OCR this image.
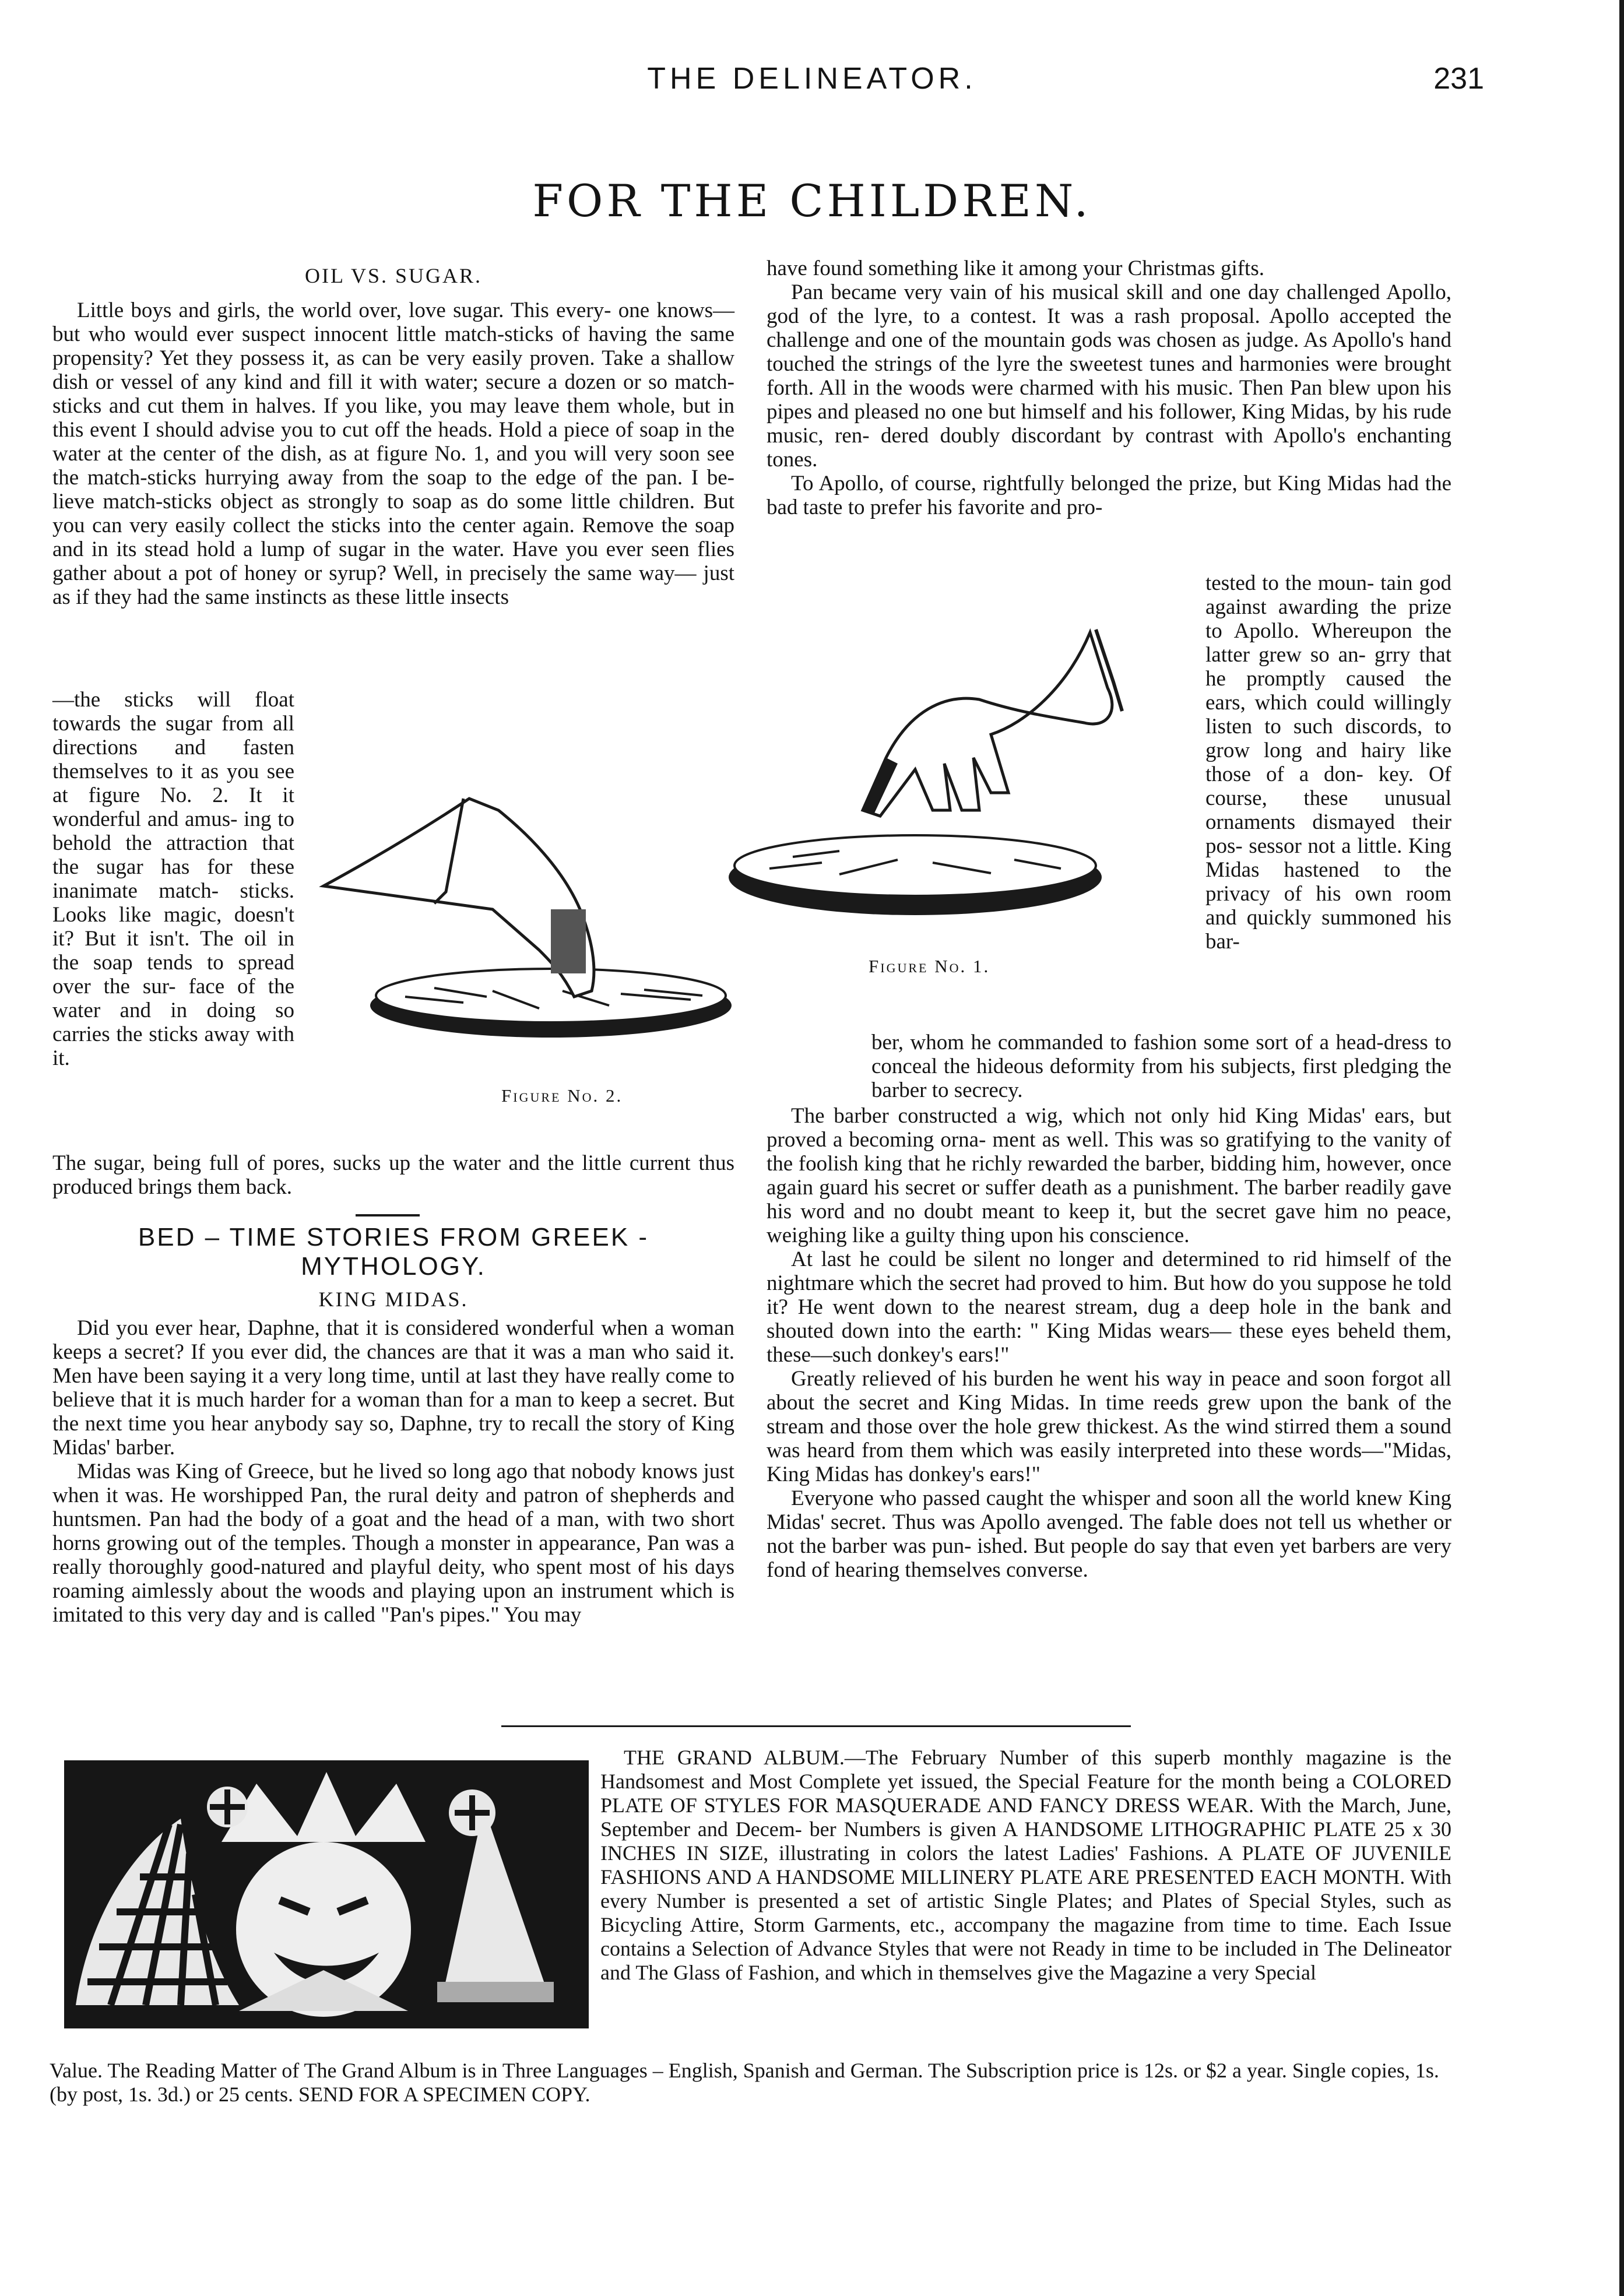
THE DELINEATOR.	231
FOR THE CHILDREN.
OIL VS. SUGAR.

Little boys and girls, the world over, love sugar. This every- one knows—but who would ever suspect innocent little match-sticks of having the same propensity? Yet they possess it, as can be very easily proven. Take a shallow dish or vessel of any kind and fill it with water; secure a dozen or so match-sticks and cut them in halves. If you like, you may leave them whole, but in this event I should advise you to cut off the heads. Hold a piece of soap in the water at the center of the dish, as at figure No. 1, and you will very soon see the match-sticks hurrying away from the soap to the edge of the pan. I be- lieve match-sticks object as strongly to soap as do some little children. But you can very easily collect the sticks into the center again. Remove the soap and in its stead hold a lump of sugar in the water. Have you ever seen flies gather about a pot of honey or syrup? Well, in precisely the same way— just as if they had the same instincts as these little insects

—the sticks will float towards the sugar from all directions and fasten themselves to it as you see at figure No. 2. It it wonderful and amus- ing to behold the attraction that the sugar has for these inanimate match- sticks. Looks like magic, doesn't it? But it isn't. The oil in the soap tends to spread over the sur- face of the water and in doing so carries the sticks away with it.

Figure No. 2.

The sugar, being full of pores, sucks up the water and the little current thus produced brings them back.

BED – TIME STORIES FROM GREEK -
MYTHOLOGY.
KING MIDAS.

Did you ever hear, Daphne, that it is considered wonderful when a woman keeps a secret? If you ever did, the chances are that it was a man who said it. Men have been saying it a very long time, until at last they have really come to believe that it is much harder for a woman than for a man to keep a secret. But the next time you hear anybody say so, Daphne, try to recall the story of King Midas' barber.

Midas was King of Greece, but he lived so long ago that nobody knows just when it was. He worshipped Pan, the rural deity and patron of shepherds and huntsmen. Pan had the body of a goat and the head of a man, with two short horns growing out of the temples. Though a monster in appearance, Pan was a really thoroughly good-natured and playful deity, who spent most of his days roaming aimlessly about the woods and playing upon an instrument which is imitated to this very day and is called "Pan's pipes." You may

have found something like it among your Christmas gifts.

Pan became very vain of his musical skill and one day challenged Apollo, god of the lyre, to a contest. It was a rash proposal. Apollo accepted the challenge and one of the mountain gods was chosen as judge. As Apollo's hand touched the strings of the lyre the sweetest tunes and harmonies were brought forth. All in the woods were charmed with his music. Then Pan blew upon his pipes and pleased no one but himself and his follower, King Midas, by his rude music, ren- dered doubly discordant by contrast with Apollo's enchanting tones.

To Apollo, of course, rightfully belonged the prize, but King Midas had the bad taste to prefer his favorite and pro-

tested to the moun- tain god against awarding the prize to Apollo. Whereupon the latter grew so an- grry that he promptly caused the ears, which could willingly listen to such discords, to grow long and hairy like those of a don- key. Of course, these unusual ornaments dismayed their pos- sessor not a little. King Midas hastened to the privacy of his own room and quickly summoned his bar-

Figure No. 1.

ber, whom he commanded to fashion some sort of a head-dress to conceal the hideous deformity from his subjects, first pledging the barber to secrecy.

The barber constructed a wig, which not only hid King Midas' ears, but proved a becoming orna- ment as well. This was so gratifying to the vanity of the foolish king that he richly rewarded the barber, bidding him, however, once again guard his secret or suffer death as a punishment. The barber readily gave his word and no doubt meant to keep it, but the secret gave him no peace, weighing like a guilty thing upon his conscience.

At last he could be silent no longer and determined to rid himself of the nightmare which the secret had proved to him. But how do you suppose he told it? He went down to the nearest stream, dug a deep hole in the bank and shouted down into the earth: " King Midas wears— these eyes beheld them, these—such donkey's ears!"

Greatly relieved of his burden he went his way in peace and soon forgot all about the secret and King Midas. In time reeds grew upon the bank of the stream and those over the hole grew thickest. As the wind stirred them a sound was heard from them which was easily interpreted into these words—"Midas, King Midas has donkey's ears!"

Everyone who passed caught the whisper and soon all the world knew King Midas' secret. Thus was Apollo avenged. The fable does not tell us whether or not the barber was pun- ished. But people do say that even yet barbers are very fond of hearing themselves converse.

THE GRAND ALBUM.—The February Number of this superb monthly magazine is the Handsomest and Most Complete yet issued, the Special Feature for the month being a COLORED PLATE OF STYLES FOR MASQUERADE AND FANCY DRESS WEAR. With the March, June, September and Decem- ber Numbers is given A HANDSOME LITHOGRAPHIC PLATE 25 x 30 INCHES IN SIZE, illustrating in colors the latest Ladies' Fashions. A PLATE OF JUVENILE FASHIONS AND A HANDSOME MILLINERY PLATE ARE PRESENTED EACH MONTH. With every Number is presented a set of artistic Single Plates; and Plates of Special Styles, such as Bicycling Attire, Storm Garments, etc., accompany the magazine from time to time. Each Issue contains a Selection of Advance Styles that were not Ready in time to be included in The Delineator and The Glass of Fashion, and which in themselves give the Magazine a very Special

Value. The Reading Matter of The Grand Album is in Three Languages – English, Spanish and German. The Subscription price is 12s. or $2 a year. Single copies, 1s. (by post, 1s. 3d.) or 25 cents. SEND FOR A SPECIMEN COPY.
